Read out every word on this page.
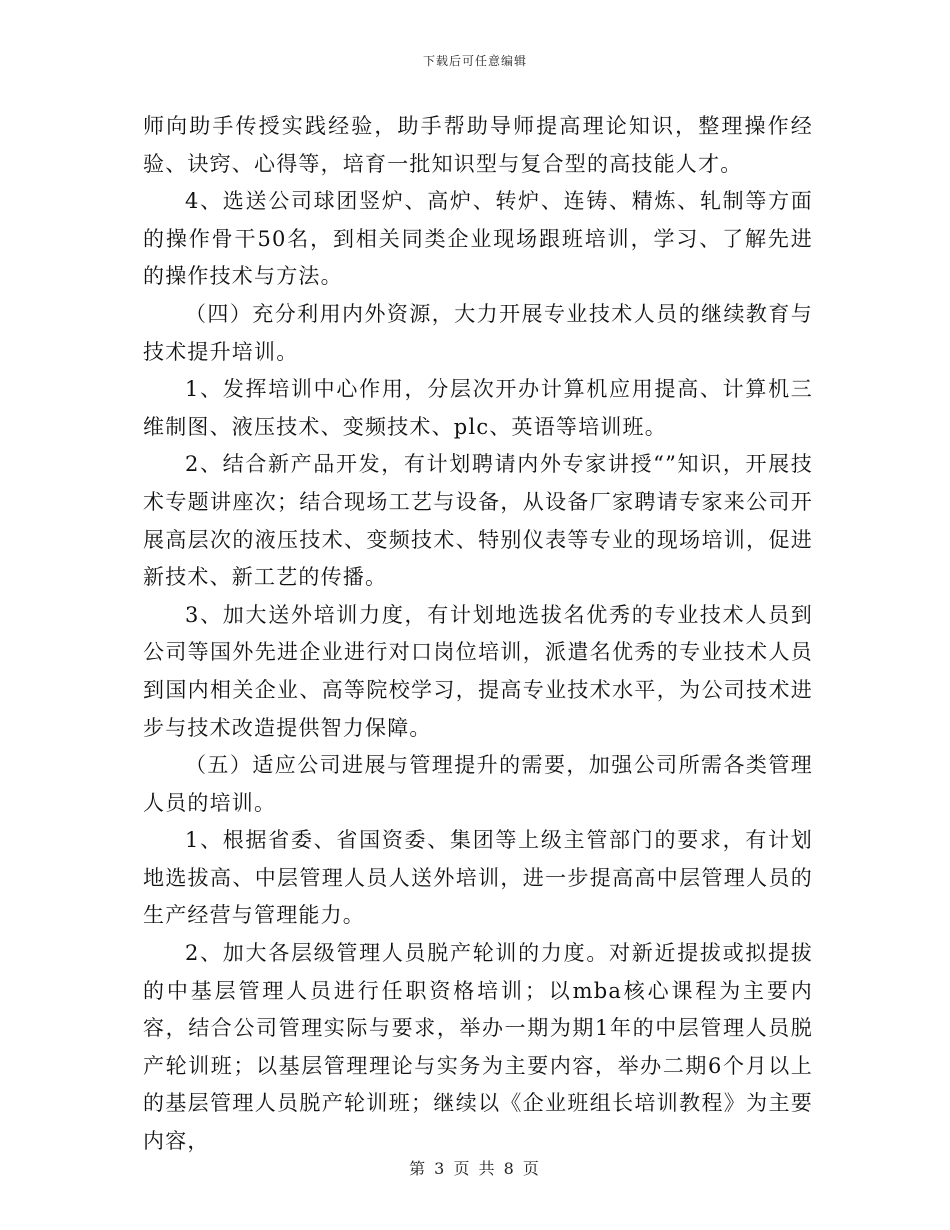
下载后可任意编辑

师向助手传授实践经验，助手帮助导师提高理论知识，整理操作经验、诀窍、心得等，培育一批知识型与复合型的高技能人才。

4、选送公司球团竖炉、高炉、转炉、连铸、精炼、轧制等方面的操作骨干50名，到相关同类企业现场跟班培训，学习、了解先进的操作技术与方法。

（四）充分利用内外资源，大力开展专业技术人员的继续教育与技术提升培训。

1、发挥培训中心作用，分层次开办计算机应用提高、计算机三维制图、液压技术、变频技术、plc、英语等培训班。

2、结合新产品开发，有计划聘请内外专家讲授“”知识，开展技术专题讲座次；结合现场工艺与设备，从设备厂家聘请专家来公司开展高层次的液压技术、变频技术、特别仪表等专业的现场培训，促进新技术、新工艺的传播。

3、加大送外培训力度，有计划地选拔名优秀的专业技术人员到公司等国外先进企业进行对口岗位培训，派遣名优秀的专业技术人员到国内相关企业、高等院校学习，提高专业技术水平，为公司技术进步与技术改造提供智力保障。

（五）适应公司进展与管理提升的需要，加强公司所需各类管理人员的培训。

1、根据省委、省国资委、集团等上级主管部门的要求，有计划地选拔高、中层管理人员人送外培训，进一步提高高中层管理人员的生产经营与管理能力。

2、加大各层级管理人员脱产轮训的力度。对新近提拔或拟提拔的中基层管理人员进行任职资格培训；以mba核心课程为主要内容，结合公司管理实际与要求，举办一期为期1年的中层管理人员脱产轮训班；以基层管理理论与实务为主要内容，举办二期6个月以上的基层管理人员脱产轮训班；继续以《企业班组长培训教程》为主要内容，

第 3 页 共 8 页
